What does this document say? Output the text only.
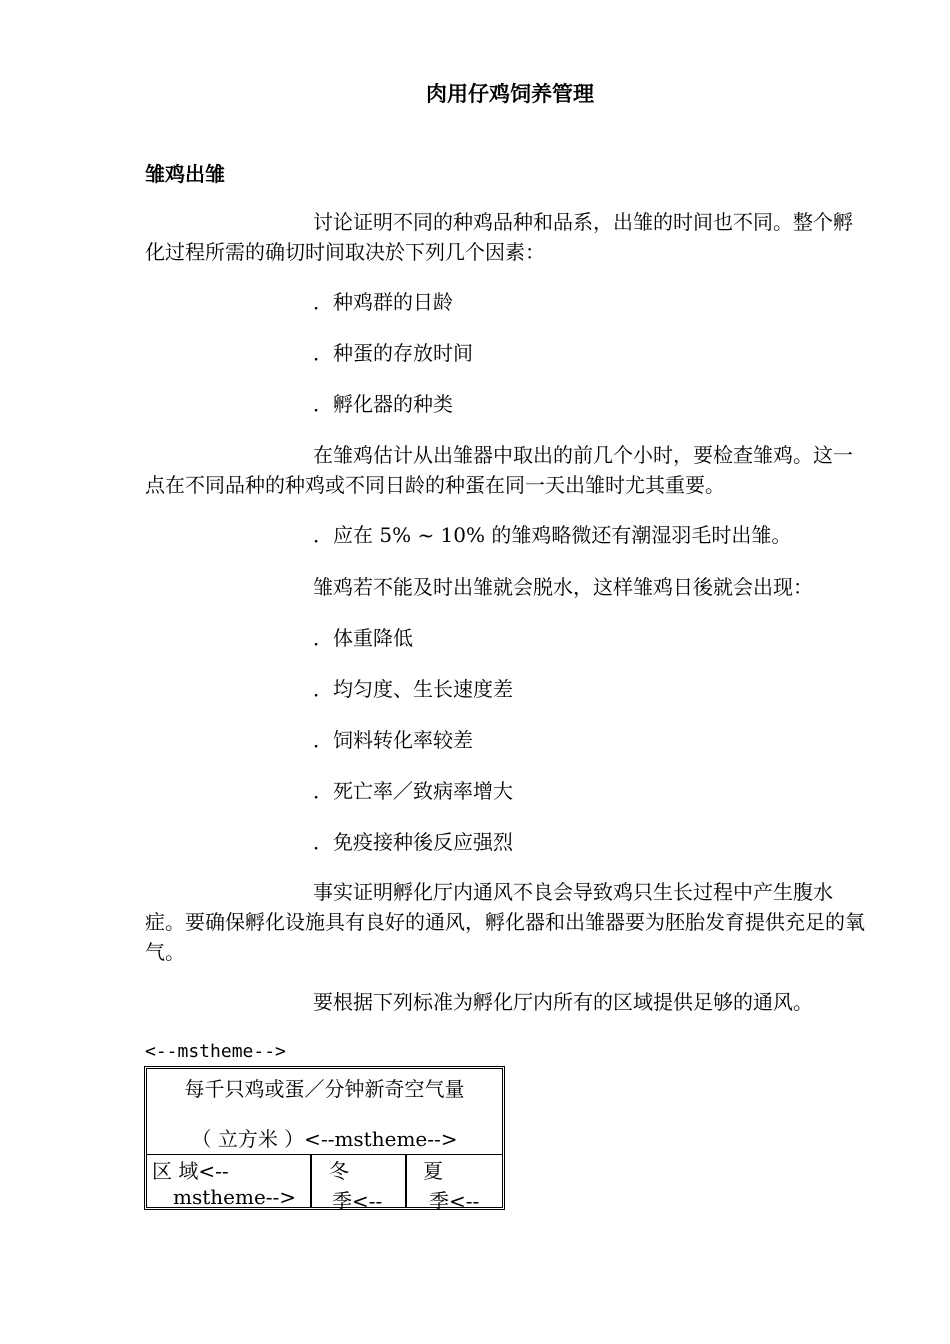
肉用仔鸡饲养管理
雏鸡出雏
讨论证明不同的种鸡品种和品系，出雏的时间也不同。整个孵化过程所需的确切时间取决於下列几个因素：
．种鸡群的日龄
．种蛋的存放时间
．孵化器的种类
在雏鸡估计从出雏器中取出的前几个小时，要检查雏鸡。这一点在不同品种的种鸡或不同日龄的种蛋在同一天出雏时尤其重要。
．应在 5% ~ 10% 的雏鸡略微还有潮湿羽毛时出雏。
雏鸡若不能及时出雏就会脱水，这样雏鸡日後就会出现：
．体重降低
．均匀度、生长速度差
．饲料转化率较差
．死亡率／致病率增大
．免疫接种後反应强烈
事实证明孵化厅内通风不良会导致鸡只生长过程中产生腹水症。要确保孵化设施具有良好的通风，孵化器和出雏器要为胚胎发育提供充足的氧气。
要根据下列标准为孵化厅内所有的区域提供足够的通风。
<--mstheme-->
每千只鸡或蛋／分钟新奇空气量
（ 立方米 ）<--mstheme-->
区 域<--
mstheme-->
冬
季<--
夏
季<--
